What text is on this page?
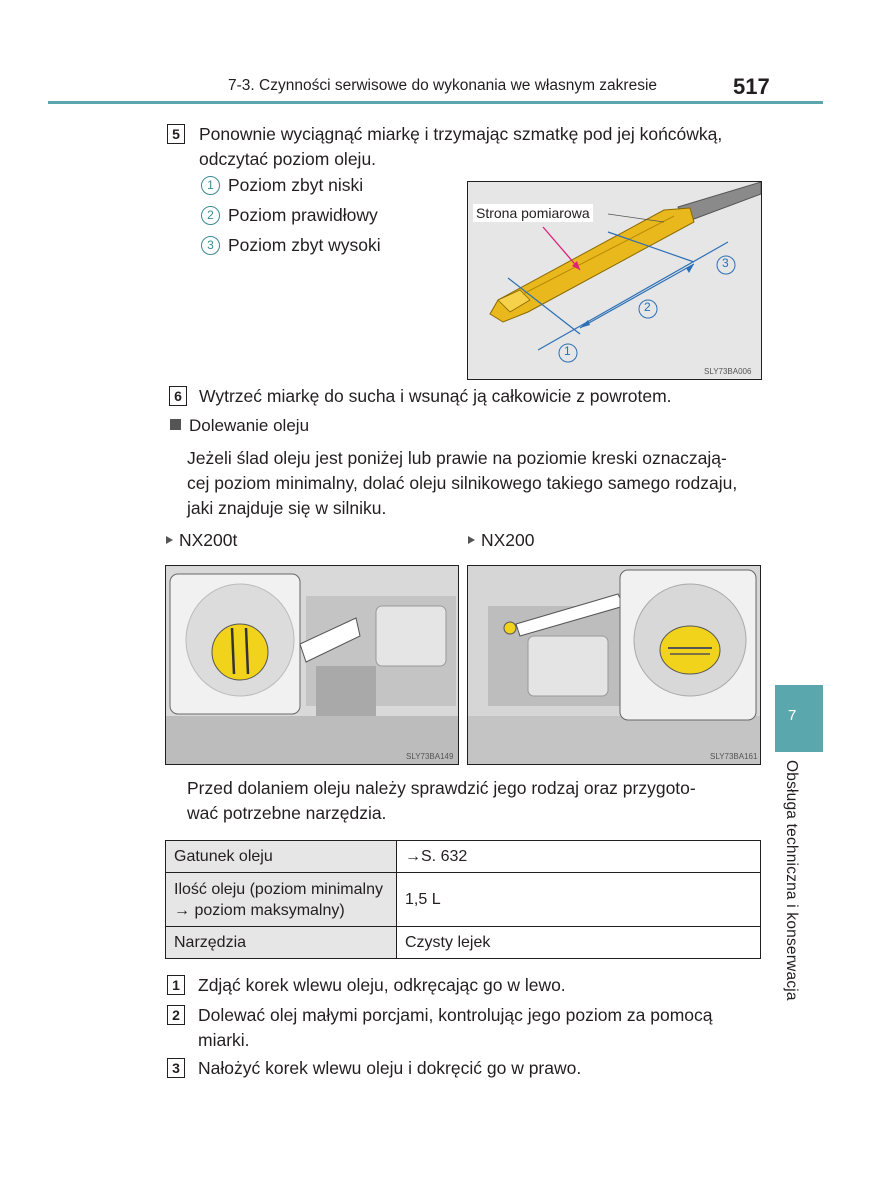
7-3. Czynności serwisowe do wykonania we własnym zakresie	517
5 Ponownie wyciągnąć miarkę i trzymając szmatkę pod jej końcówką,
odczytać poziom oleju.
1 Poziom zbyt niski
2 Poziom prawidłowy
3 Poziom zbyt wysoki
Strona pomiarowa
1
2
3
SLY73BA006
6 Wytrzeć miarkę do sucha i wsunąć ją całkowicie z powrotem.
Dolewanie oleju
Jeżeli ślad oleju jest poniżej lub prawie na poziomie kreski oznaczają-
cej poziom minimalny, dolać oleju silnikowego takiego samego rodzaju,
jaki znajduje się w silniku.
NX200t	NX200
SLY73BA149	SLY73BA161
Przed dolaniem oleju należy sprawdzić jego rodzaj oraz przygoto-
wać potrzebne narzędzia.
Gatunek oleju	→S. 632

Ilość oleju (poziom minimalny
→ poziom maksymalny)	1,5 L
Narzędzia	Czysty lejek
1 Zdjąć korek wlewu oleju, odkręcając go w lewo.
2 Dolewać olej małymi porcjami, kontrolując jego poziom za pomocą
miarki.
3 Nałożyć korek wlewu oleju i dokręcić go w prawo.
7
Obsługa techniczna i konserwacja
